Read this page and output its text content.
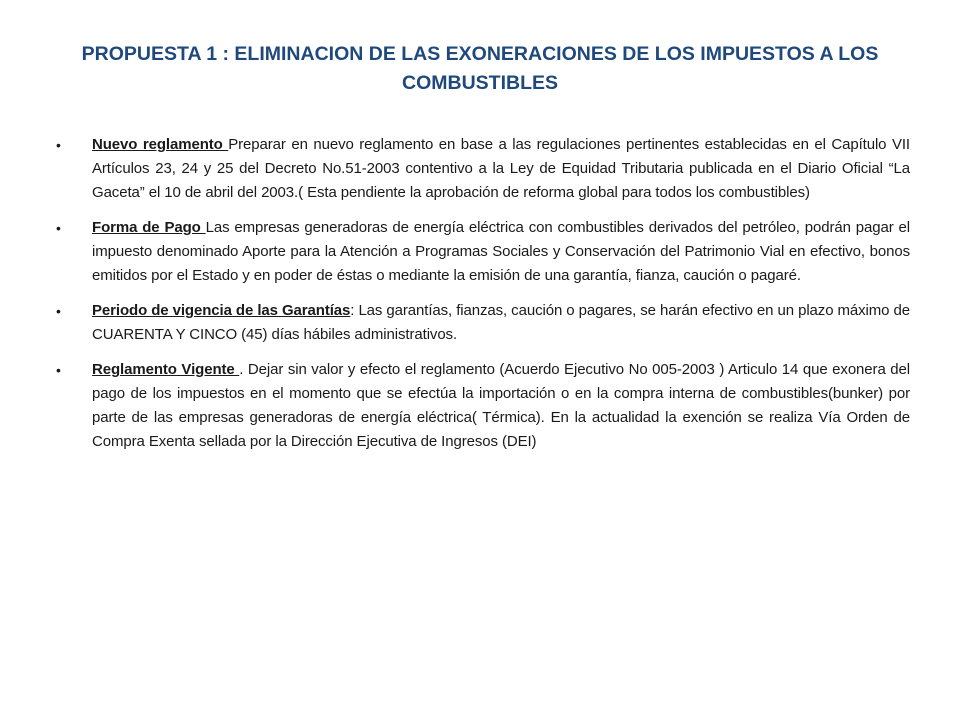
PROPUESTA 1 : ELIMINACION DE LAS EXONERACIONES DE LOS IMPUESTOS A LOS COMBUSTIBLES
• Nuevo reglamento Preparar en nuevo reglamento en base a las regulaciones pertinentes establecidas en el Capítulo VII Artículos 23, 24 y 25 del Decreto No.51-2003 contentivo a la Ley de Equidad Tributaria publicada en el Diario Oficial “La Gaceta” el 10 de abril del 2003.( Esta pendiente la aprobación de reforma global para todos los combustibles)
• Forma de Pago Las empresas generadoras de energía eléctrica con combustibles derivados del petróleo, podrán pagar el impuesto denominado Aporte para la Atención a Programas Sociales y Conservación del Patrimonio Vial en efectivo, bonos emitidos por el Estado y en poder de éstas o mediante la emisión de una garantía, fianza, caución o pagaré.
• Periodo de vigencia de las Garantías: Las garantías, fianzas, caución o pagares, se harán efectivo en un plazo máximo de CUARENTA Y CINCO (45) días hábiles administrativos.
• Reglamento Vigente . Dejar sin valor y efecto el reglamento (Acuerdo Ejecutivo No 005-2003 ) Articulo 14 que exonera del pago de los impuestos en el momento que se efectúa la importación o en la compra interna de combustibles(bunker) por parte de las empresas generadoras de energía eléctrica( Térmica). En la actualidad la exención se realiza Vía Orden de Compra Exenta sellada por la Dirección Ejecutiva de Ingresos (DEI)
